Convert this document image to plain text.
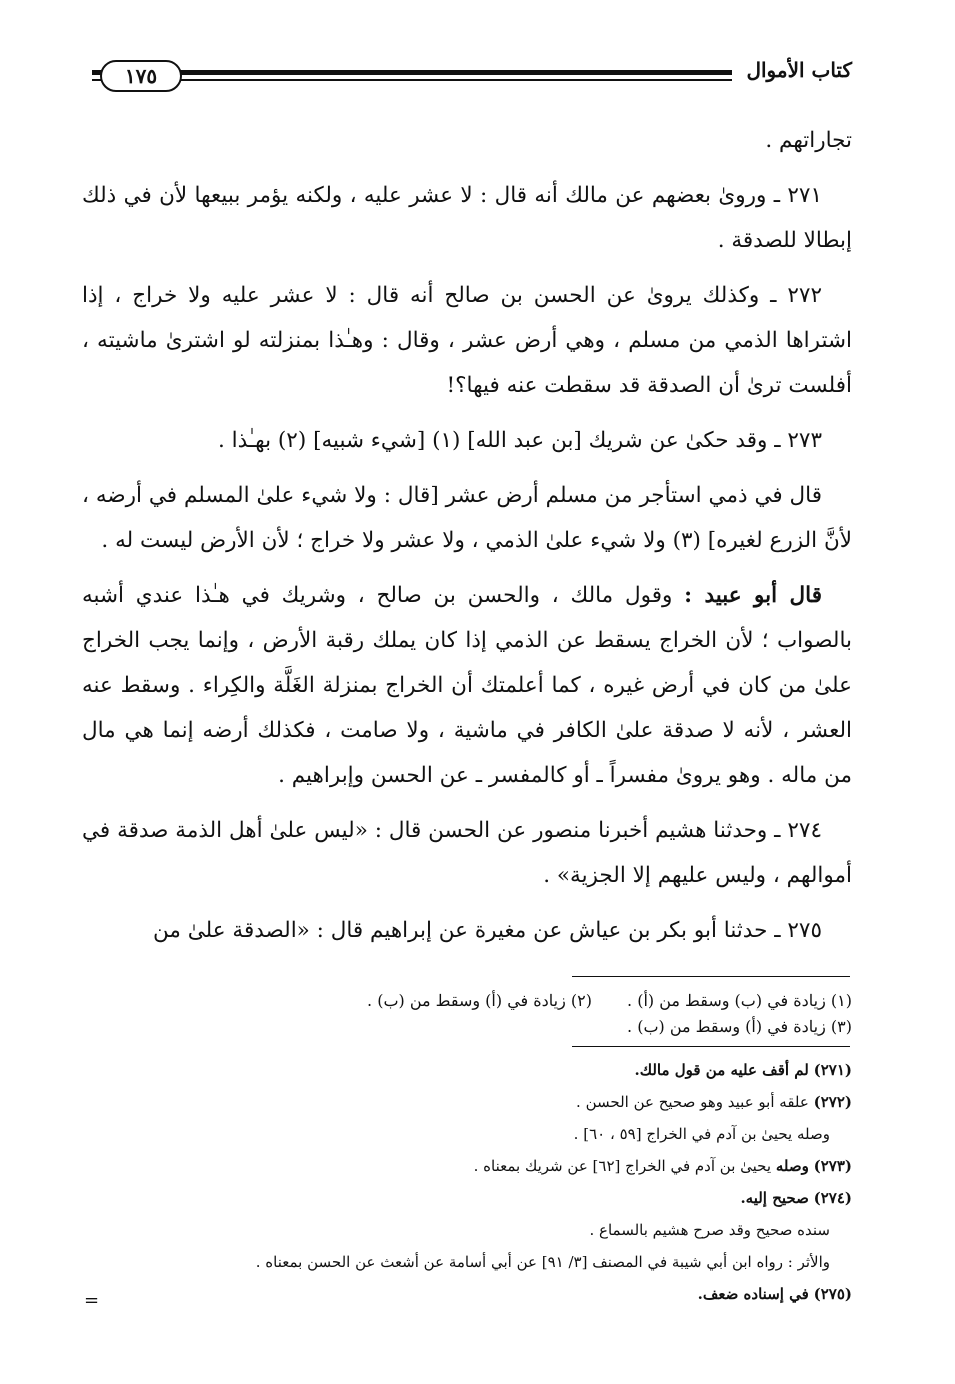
١٧٥	كتاب الأموال

تجاراتهم .

٢٧١ ـ وروىٰ بعضهم عن مالك أنه قال : لا عشر عليه ، ولكنه يؤمر ببيعها لأن في ذلك إبطالا للصدقة .

٢٧٢ ـ وكذلك يروىٰ عن الحسن بن صالح أنه قال : لا عشر عليه ولا خراج ، إذا اشتراها الذمي من مسلم ، وهي أرض عشر ، وقال : وهـٰذا بمنزلته لو اشترىٰ ماشيته ، أفلست ترىٰ أن الصدقة قد سقطت عنه فيها؟!

٢٧٣ ـ وقد حكىٰ عن شريك [بن عبد الله] (١) [شيء شبيه] (٢) بهـٰذا .

قال في ذمي استأجر من مسلم أرض عشر [قال : ولا شيء علىٰ المسلم في أرضه ، لأنَّ الزرع لغيره] (٣) ولا شيء علىٰ الذمي ، ولا عشر ولا خراج ؛ لأن الأرض ليست له .

قال أبو عبيد : وقول مالك ، والحسن بن صالح ، وشريك في هـٰذا عندي أشبه بالصواب ؛ لأن الخراج يسقط عن الذمي إذا كان يملك رقبة الأرض ، وإنما يجب الخراج علىٰ من كان في أرض غيره ، كما أعلمتك أن الخراج بمنزلة الغَلَّة والكِراء . وسقط عنه العشر ، لأنه لا صدقة علىٰ الكافر في ماشية ، ولا صامت ، فكذلك أرضه إنما هي مال من ماله . وهو يروىٰ مفسراً ـ أو كالمفسر ـ عن الحسن وإبراهيم .

٢٧٤ ـ وحدثنا هشيم أخبرنا منصور عن الحسن قال : «ليس علىٰ أهل الذمة صدقة في أموالهم ، وليس عليهم إلا الجزية» .

٢٧٥ ـ حدثنا أبو بكر بن عياش عن مغيرة عن إبراهيم قال : «الصدقة علىٰ من

(١) زيادة في (ب) وسقط من (أ) .
(٢) زيادة في (أ) وسقط من (ب) .
(٣) زيادة في (أ) وسقط من (ب) .
(٢٧١) لم أقف عليه من قول مالك.
(٢٧٢) علقه أبو عبيد وهو صحيح عن الحسن .
وصله يحيىٰ بن آدم في الخراج [٥٩ ، ٦٠] .
(٢٧٣) وصله يحيىٰ بن آدم في الخراج [٦٢] عن شريك بمعناه .
(٢٧٤) صحيح إليه.
سنده صحيح وقد صرح هشيم بالسماع .
والأثر : رواه ابن أبي شيبة في المصنف [٣/ ٩١] عن أبي أسامة عن أشعث عن الحسن بمعناه .
(٢٧٥) في إسناده ضعف.
=
